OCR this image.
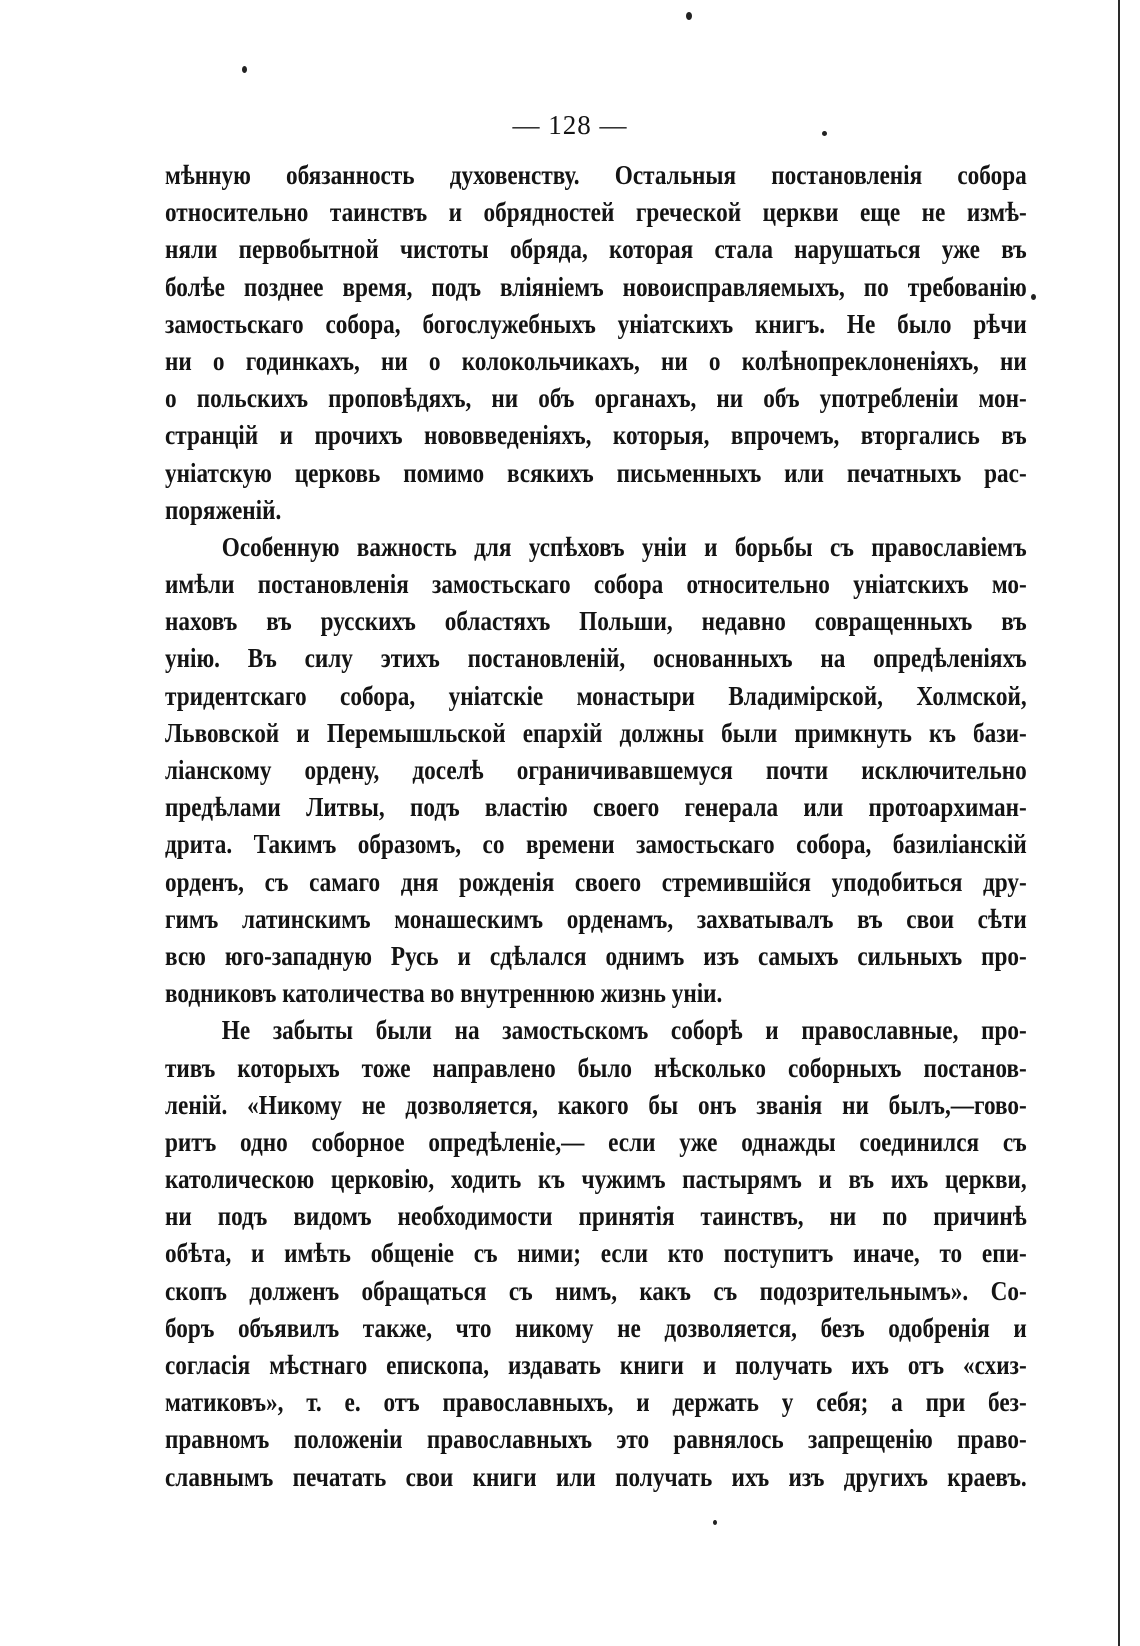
— 128 —
мѣнную обязанность духовенству. Остальныя постановленія собора
относительно таинствъ и обрядностей греческой церкви еще не измѣ-
няли первобытной чистоты обряда, которая стала нарушаться уже въ
болѣе позднее время, подъ вліяніемъ новоисправляемыхъ, по требованію
замостьскаго собора, богослужебныхъ уніатскихъ книгъ. Не было рѣчи
ни о годинкахъ, ни о колокольчикахъ, ни о колѣнопреклоненіяхъ, ни
о польскихъ проповѣдяхъ, ни объ органахъ, ни объ употребленіи мон-
странцій и прочихъ нововведеніяхъ, которыя, впрочемъ, вторгались въ
уніатскую церковь помимо всякихъ письменныхъ или печатныхъ рас-
поряженій.
Особенную важность для успѣховъ уніи и борьбы съ православіемъ
имѣли постановленія замостьскаго собора относительно уніатскихъ мо-
наховъ въ русскихъ областяхъ Польши, недавно совращенныхъ въ
унію. Въ силу этихъ постановленій, основанныхъ на опредѣленіяхъ
тридентскаго собора, уніатскіе монастыри Владимірской, Холмской,
Львовской и Перемышльской епархій должны были примкнуть къ бази-
ліанскому ордену, доселѣ ограничивавшемуся почти исключительно
предѣлами Литвы, подъ властію своего генерала или протоархиман-
дрита. Такимъ образомъ, со времени замостьскаго собора, базиліанскій
орденъ, съ самаго дня рожденія своего стремившійся уподобиться дру-
гимъ латинскимъ монашескимъ орденамъ, захватывалъ въ свои сѣти
всю юго-западную Русь и сдѣлался однимъ изъ самыхъ сильныхъ про-
водниковъ католичества во внутреннюю жизнь уніи.
Не забыты были на замостьскомъ соборѣ и православные, про-
тивъ которыхъ тоже направлено было нѣсколько соборныхъ постанов-
леній. «Никому не дозволяется, какого бы онъ званія ни былъ,—гово-
ритъ одно соборное опредѣленіе,— если уже однажды соединился съ
католическою церковію, ходить къ чужимъ пастырямъ и въ ихъ церкви,
ни подъ видомъ необходимости принятія таинствъ, ни по причинѣ
обѣта, и имѣть общеніе съ ними; если кто поступитъ иначе, то епи-
скопъ долженъ обращаться съ нимъ, какъ съ подозрительнымъ». Со-
боръ объявилъ также, что никому не дозволяется, безъ одобренія и
согласія мѣстнаго епископа, издавать книги и получать ихъ отъ «схиз-
матиковъ», т. е. отъ православныхъ, и держать у себя; а при без-
правномъ положеніи православныхъ это равнялось запрещенію право-
славнымъ печатать свои книги или получать ихъ изъ другихъ краевъ.
